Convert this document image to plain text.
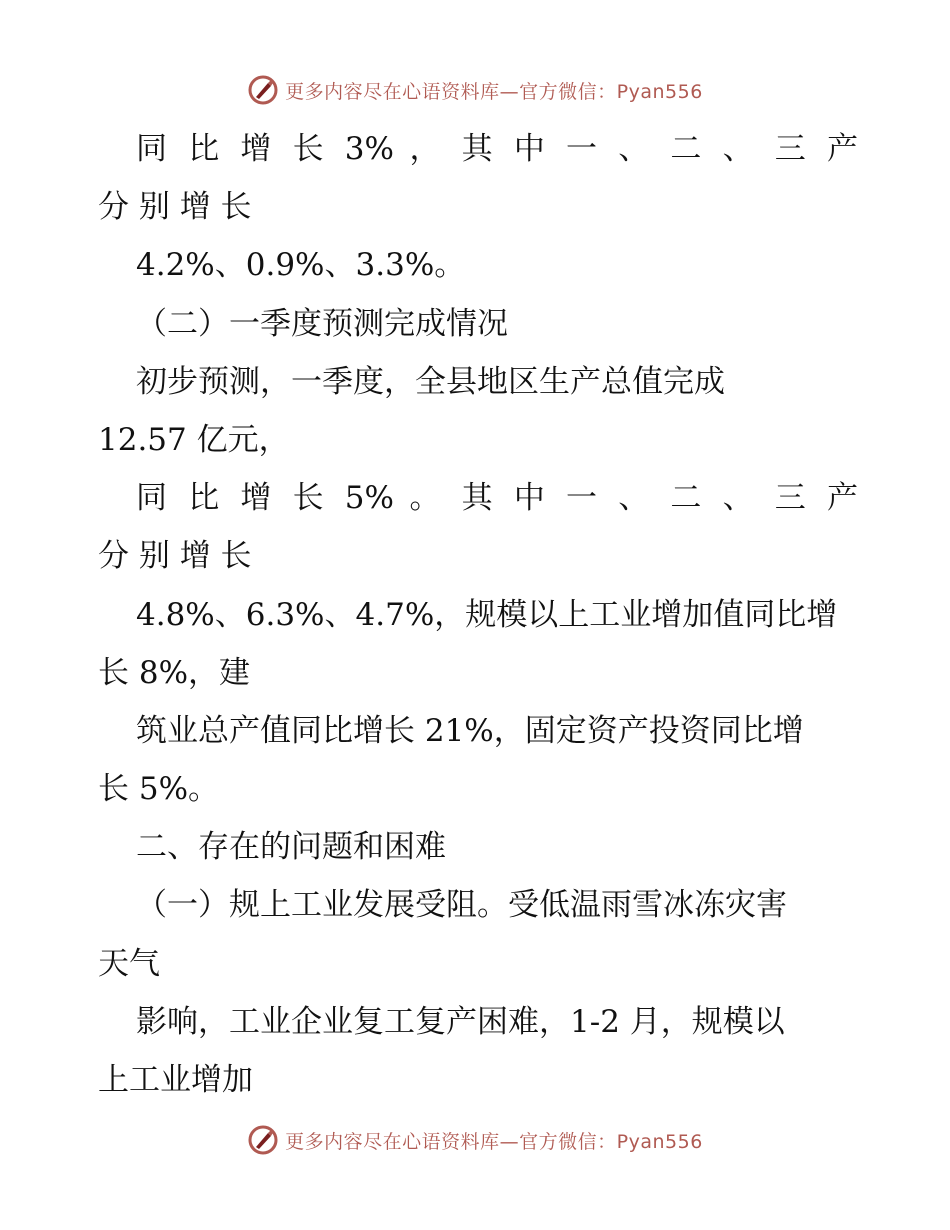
更多内容尽在心语资料库—官方微信：Pyan556
同 比 增 长 3% ， 其 中 一 、 二 、 三 产
分 别 增 长
4.2%、0.9%、3.3%。
（二）一季度预测完成情况
初步预测，一季度，全县地区生产总值完成
12.57 亿元，
同 比 增 长 5% 。 其 中 一 、 二 、 三 产
分 别 增 长
4.8%、6.3%、4.7%，规模以上工业增加值同比增
长 8%，建
筑业总产值同比增长 21%，固定资产投资同比增
长 5%。
二、存在的问题和困难
（一）规上工业发展受阻。受低温雨雪冰冻灾害
天气
影响，工业企业复工复产困难，1-2 月，规模以
上工业增加
更多内容尽在心语资料库—官方微信：Pyan556
